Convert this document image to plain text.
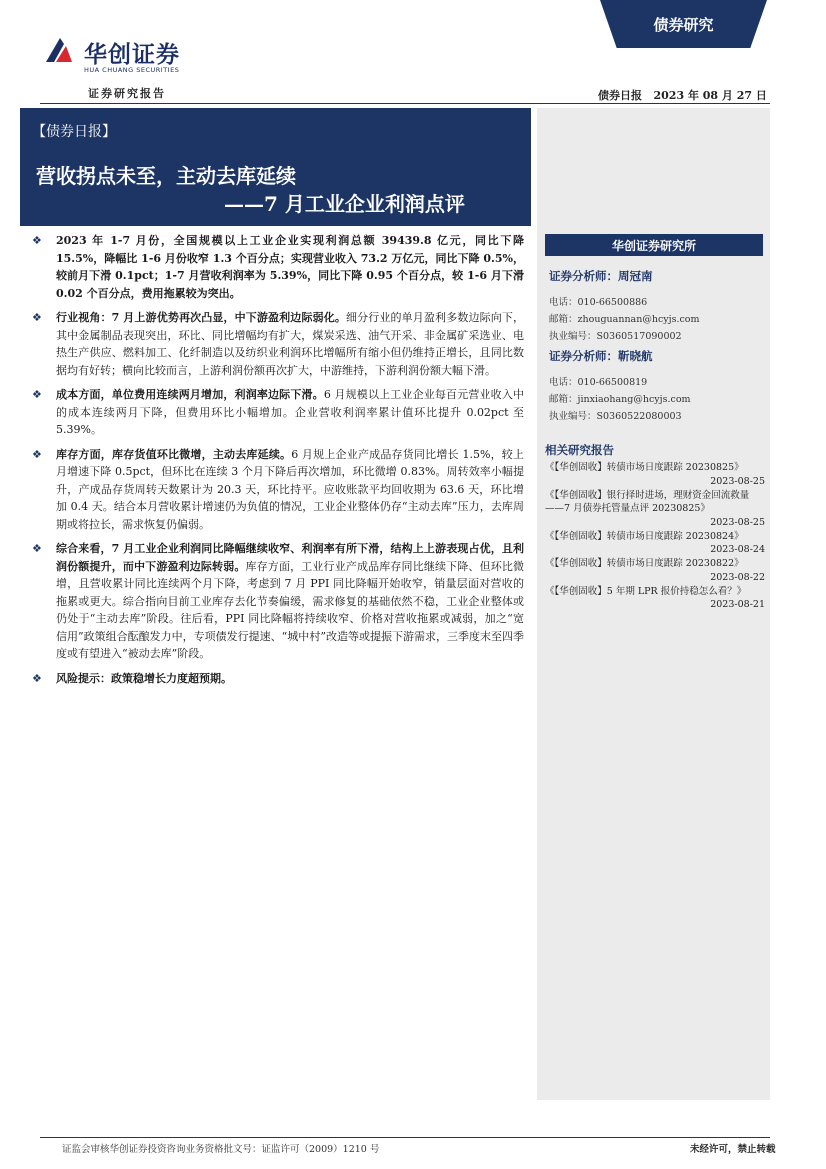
华创证券
HUA CHUANG SECURITIES
债券研究
证券研究报告	债券日报 2023 年 08 月 27 日
【债券日报】
营收拐点未至，主动去库延续
——7 月工业企业利润点评
❖	2023 年 1-7 月份，全国规模以上工业企业实现利润总额 39439.8 亿元，同比下降 15.5%，降幅比 1-6 月份收窄 1.3 个百分点；实现营业收入 73.2 万亿元，同比下降 0.5%，较前月下滑 0.1pct；1-7 月营收利润率为 5.39%，同比下降 0.95 个百分点，较 1-6 月下滑 0.02 个百分点，费用拖累较为突出。
❖	行业视角：7 月上游优势再次凸显，中下游盈利边际弱化。细分行业的单月盈利多数边际向下，其中金属制品表现突出，环比、同比增幅均有扩大，煤炭采选、油气开采、非金属矿采选业、电热生产供应、燃料加工、化纤制造以及纺织业利润环比增幅所有缩小但仍维持正增长，且同比数据均有好转；横向比较而言，上游利润份额再次扩大，中游维持，下游利润份额大幅下滑。
❖	成本方面，单位费用连续两月增加，利润率边际下滑。6 月规模以上工业企业每百元营业收入中的成本连续两月下降，但费用环比小幅增加。企业营收利润率累计值环比提升 0.02pct 至 5.39%。
❖	库存方面，库存货值环比微增，主动去库延续。6 月规上企业产成品存货同比增长 1.5%，较上月增速下降 0.5pct，但环比在连续 3 个月下降后再次增加，环比微增 0.83%。周转效率小幅提升，产成品存货周转天数累计为 20.3 天，环比持平。应收账款平均回收期为 63.6 天，环比增加 0.4 天。结合本月营收累计增速仍为负值的情况，工业企业整体仍存“主动去库”压力，去库周期或将拉长，需求恢复仍偏弱。
❖	综合来看，7 月工业企业利润同比降幅继续收窄、利润率有所下滑，结构上上游表现占优，且利润份额提升，而中下游盈利边际转弱。库存方面，工业行业产成品库存同比继续下降、但环比微增，且营收累计同比连续两个月下降，考虑到 7 月 PPI 同比降幅开始收窄，销量层面对营收的拖累或更大。综合指向目前工业库存去化节奏偏缓，需求修复的基础依然不稳，工业企业整体或仍处于“主动去库”阶段。往后看，PPI 同比降幅将持续收窄、价格对营收拖累或减弱，加之“宽信用”政策组合酝酿发力中，专项债发行提速、“城中村”改造等或提振下游需求，三季度末至四季度或有望进入“被动去库”阶段。
❖	风险提示：政策稳增长力度超预期。
华创证券研究所
证券分析师：周冠南
电话：010-66500886
邮箱：zhouguannan@hcyjs.com
执业编号：S0360517090002
证券分析师：靳晓航
电话：010-66500819
邮箱：jinxiaohang@hcyjs.com
执业编号：S0360522080003
相关研究报告
《【华创固收】转债市场日度跟踪 20230825》
2023-08-25
《【华创固收】银行择时进场，理财资金回流救量——7 月债券托管量点评 20230825》
2023-08-25
《【华创固收】转债市场日度跟踪 20230824》
2023-08-24
《【华创固收】转债市场日度跟踪 20230822》
2023-08-22
《【华创固收】5 年期 LPR 报价持稳怎么看？》
2023-08-21
证监会审核华创证券投资咨询业务资格批文号：证监许可（2009）1210 号	未经许可，禁止转载
